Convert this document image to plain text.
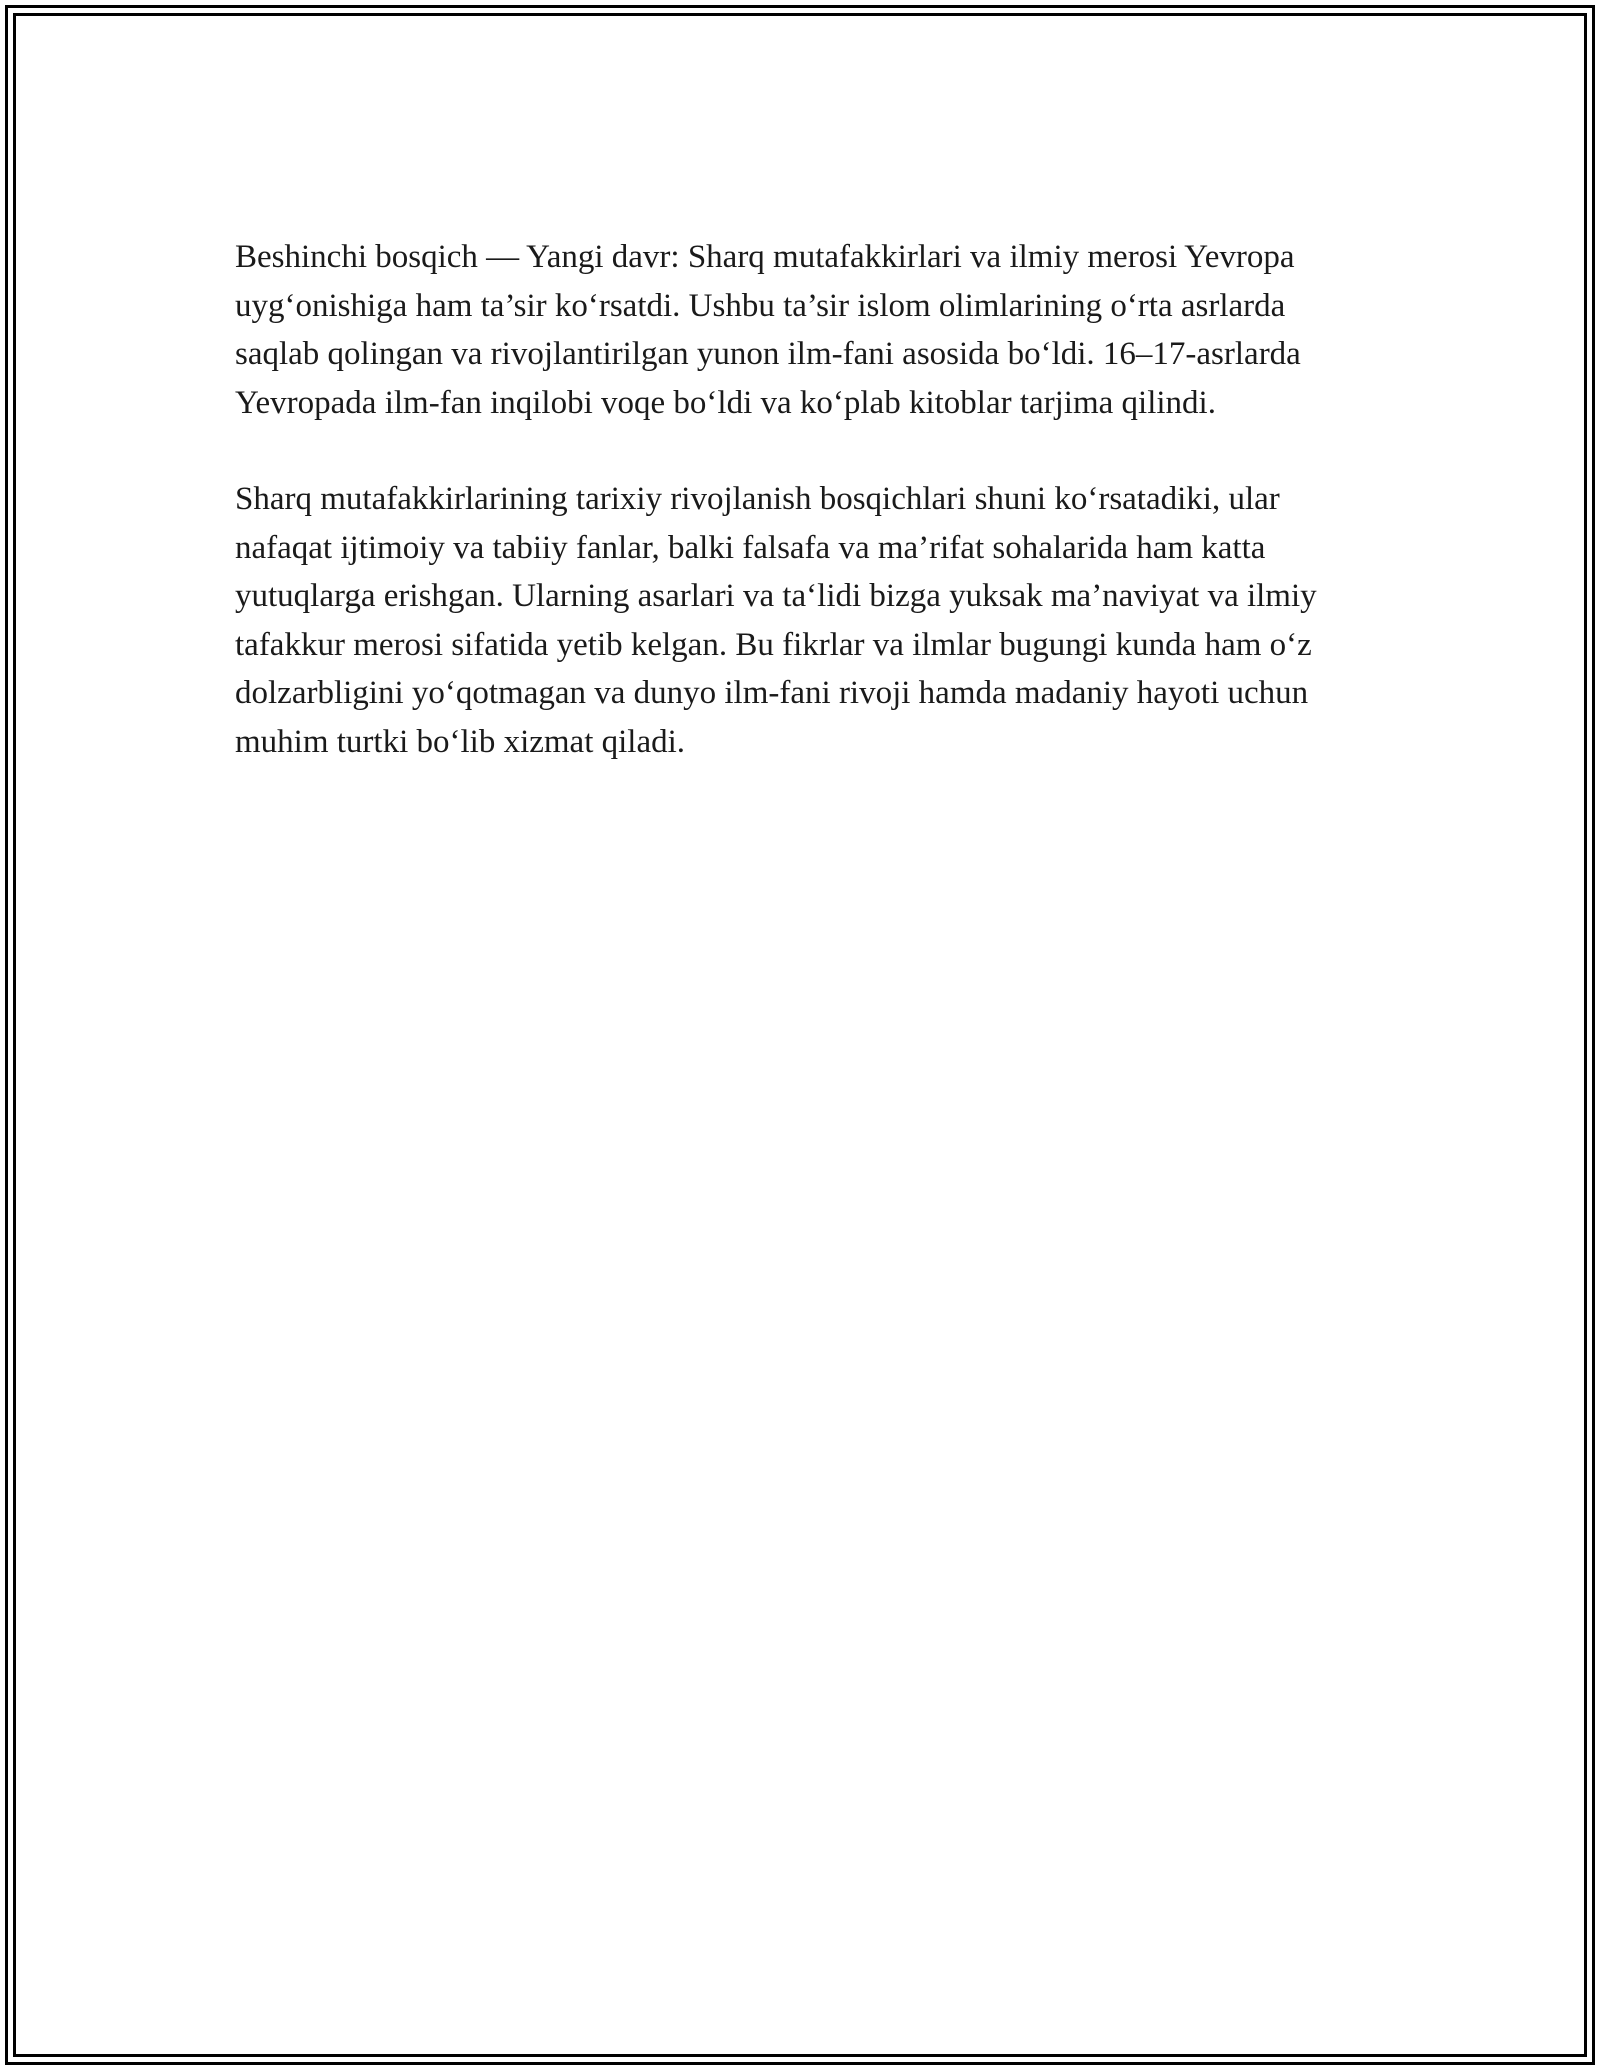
Beshinchi bosqich — Yangi davr: Sharq mutafakkirlari va ilmiy merosi Yevropa uyg‘onishiga ham ta’sir ko‘rsatdi. Ushbu ta’sir islom olimlarining o‘rta asrlarda saqlab qolingan va rivojlantirilgan yunon ilm-fani asosida bo‘ldi. 16–17-asrlarda Yevropada ilm-fan inqilobi voqe bo‘ldi va ko‘plab kitoblar tarjima qilindi.

Sharq mutafakkirlarining tarixiy rivojlanish bosqichlari shuni ko‘rsatadiki, ular nafaqat ijtimoiy va tabiiy fanlar, balki falsafa va ma’rifat sohalarida ham katta yutuqlarga erishgan. Ularning asarlari va ta‘lidi bizga yuksak ma’naviyat va ilmiy tafakkur merosi sifatida yetib kelgan. Bu fikrlar va ilmlar bugungi kunda ham o‘z dolzarbligini yo‘qotmagan va dunyo ilm-fani rivoji hamda madaniy hayoti uchun muhim turtki bo‘lib xizmat qiladi.
